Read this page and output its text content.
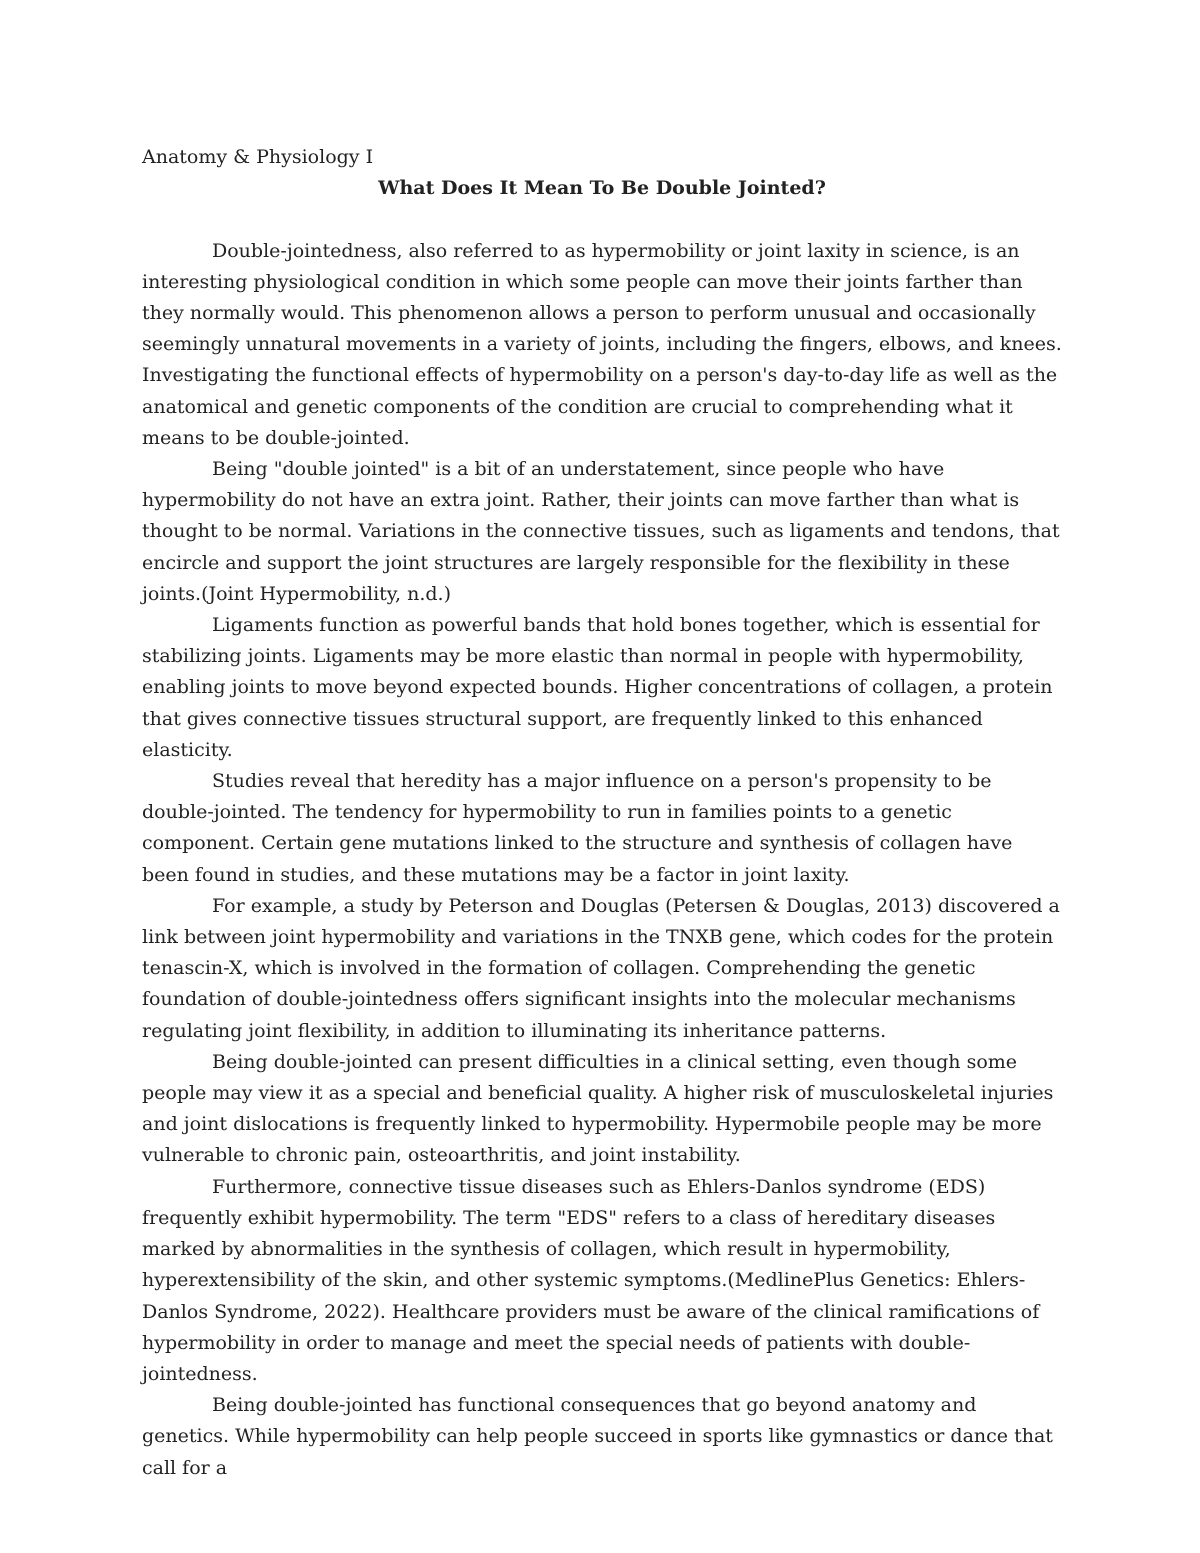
Anatomy & Physiology I

What Does It Mean To Be Double Jointed?

Double-jointedness, also referred to as hypermobility or joint laxity in science, is an interesting physiological condition in which some people can move their joints farther than they normally would. This phenomenon allows a person to perform unusual and occasionally seemingly unnatural movements in a variety of joints, including the fingers, elbows, and knees. Investigating the functional effects of hypermobility on a person's day-to-day life as well as the anatomical and genetic components of the condition are crucial to comprehending what it means to be double-jointed.

Being "double jointed" is a bit of an understatement, since people who have hypermobility do not have an extra joint. Rather, their joints can move farther than what is thought to be normal. Variations in the connective tissues, such as ligaments and tendons, that encircle and support the joint structures are largely responsible for the flexibility in these joints.(Joint Hypermobility, n.d.)

Ligaments function as powerful bands that hold bones together, which is essential for stabilizing joints. Ligaments may be more elastic than normal in people with hypermobility, enabling joints to move beyond expected bounds. Higher concentrations of collagen, a protein that gives connective tissues structural support, are frequently linked to this enhanced elasticity.

Studies reveal that heredity has a major influence on a person's propensity to be double-jointed. The tendency for hypermobility to run in families points to a genetic component. Certain gene mutations linked to the structure and synthesis of collagen have been found in studies, and these mutations may be a factor in joint laxity.

For example, a study by Peterson and Douglas (Petersen & Douglas, 2013) discovered a link between joint hypermobility and variations in the TNXB gene, which codes for the protein tenascin-X, which is involved in the formation of collagen. Comprehending the genetic foundation of double-jointedness offers significant insights into the molecular mechanisms regulating joint flexibility, in addition to illuminating its inheritance patterns.

Being double-jointed can present difficulties in a clinical setting, even though some people may view it as a special and beneficial quality. A higher risk of musculoskeletal injuries and joint dislocations is frequently linked to hypermobility. Hypermobile people may be more vulnerable to chronic pain, osteoarthritis, and joint instability.

Furthermore, connective tissue diseases such as Ehlers-Danlos syndrome (EDS) frequently exhibit hypermobility. The term "EDS" refers to a class of hereditary diseases marked by abnormalities in the synthesis of collagen, which result in hypermobility, hyperextensibility of the skin, and other systemic symptoms.(MedlinePlus Genetics: Ehlers-Danlos Syndrome, 2022). Healthcare providers must be aware of the clinical ramifications of hypermobility in order to manage and meet the special needs of patients with double-jointedness.

Being double-jointed has functional consequences that go beyond anatomy and genetics. While hypermobility can help people succeed in sports like gymnastics or dance that call for a
